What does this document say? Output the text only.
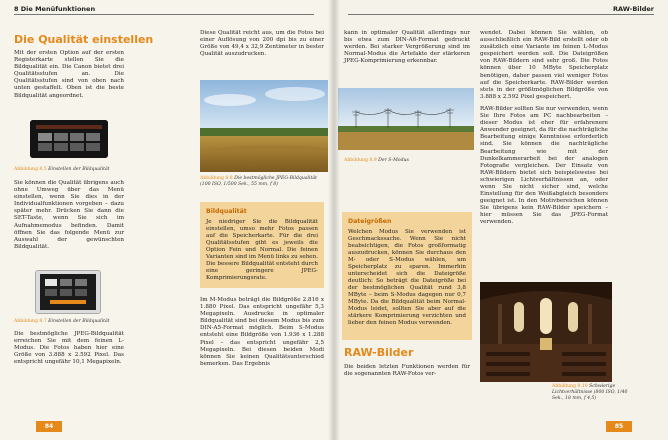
8 Die Menüfunktionen
Die Qualität einstellen

Mit der ersten Option auf der ersten Registerkarte stellen Sie die Bildqualität ein. Die Canon bietet drei Qualitätsstufen an. Die Qualitätsstufen sind von oben nach unten gestaffelt. Oben ist die beste Bildqualität angeordnet.

Abbildung 8.5 Einstellen der Bildqualität

Sie können die Qualität übrigens auch ohne Umweg über das Menü einstellen, wenn Sie dies in der Individualfunktionen vorgeben – dazu später mehr. Drücken Sie dann die SET-Taste, wenn Sie sich im Aufnahmemodus befinden. Damit öffnen Sie das folgende Menü zur Auswahl der gewünschten Bildqualität.

Abbildung 8.7 Einstellen der Bildqualität

Die bestmögliche JPEG-Bildqualität erreichen Sie mit dem feinen L-Modus. Die Fotos haben hier eine Größe von 3.888 x 2.592 Pixel. Das entspricht ungefähr 10,1 Megapixeln.

Diese Qualität reicht aus, um die Fotos bei einer Auflösung von 200 dpi bis zu einer Größe von 49,4 x 32,9 Zentimeter in bester Qualität auszudrucken.

Abbildung 8.8 Die bestmögliche JPEG-Bildqualität (100 ISO, 1/500 Sek., 55 mm, f 8)
Bildqualität
Je niedriger Sie die Bildqualität einstellen, umso mehr Fotos passen auf die Speicherkarte. Für die drei Qualitätsstufen gibt es jeweils die Option Fein und Normal. Die feinen Varianten sind im Menü links zu sehen. Die bessere Bildqualität entsteht durch eine geringere JPEG-Komprimierungsrate.

Im M-Modus beträgt die Bildgröße 2.816 x 1.880 Pixel. Das entspricht ungefähr 5,3 Megapixeln. Ausdrucke in optimaler Bildqualität sind bei diesem Modus bis zum DIN-A5-Format möglich. Beim S-Modus entsteht eine Bildgröße von 1.936 x 1.288 Pixel – das entspricht ungefähr 2,5 Megapixeln. Bei diesen beiden Modi können Sie keinen Qualitätsunterschied bemerken. Das Ergebnis

84
RAW-Bilder

kann in optimaler Qualität allerdings nur bis etwa zum DIN-A6-Format gedruckt werden. Bei starker Vergrößerung sind im Normal-Modus die Artefakte der stärkeren JPEG-Komprimierung erkennbar.

Abbildung 8.9 Der S-Modus
Dateigrößen
Welchen Modus Sie verwenden ist Geschmackssache. Wenn Sie nicht beabsichtigen, die Fotos großformatig auszudrucken, können Sie durchaus den M- oder S-Modus wählen, um Speicherplatz zu sparen. Immerhin unterscheidet sich die Dateigröße deutlich: So beträgt die Dateigröße bei der bestmöglichen Qualität rund 3,8 MByte – beim S-Modus dagegen nur 0,7 MByte. Da die Bildqualität beim Normal-Modus leidet, sollten Sie aber auf die stärkere Komprimierung verzichten und lieber den feinen Modus verwenden.
RAW-Bilder

Die beiden letzten Funktionen werden für die sogenannten RAW-Fotos ver-

wendet. Dabei können Sie wählen, ob ausschließlich ein RAW-Bild erstellt oder ob zusätzlich eine Variante im feinen L-Modus gespeichert werden soll. Die Dateigrößen von RAW-Bildern sind sehr groß. Die Fotos können über 10 MByte Speicherplatz benötigen, daher passen viel weniger Fotos auf die Speicherkarte. RAW-Bilder werden stets in der größtmöglichen Bildgröße von 3.888 x 2.592 Pixel gespeichert.

RAW-Bilder sollten Sie nur verwenden, wenn Sie Ihre Fotos am PC nachbearbeiten – dieser Modus ist eher für erfahrenere Anwender geeignet, da für die nachträgliche Bearbeitung einige Kenntnisse erforderlich sind. Sie können die nachträgliche Bearbeitung wie mit der Dunkelkammerarbeit bei der analogen Fotografie vergleichen. Der Einsatz von RAW-Bildern bietet sich beispielsweise bei schwierigen Lichtverhältnissen an, oder wenn Sie nicht sicher sind, welche Einstellung für den Weißabgleich besonders geeignet ist. In den Motivbereichen können Sie übrigens kein RAW-Bilder speichern – hier müssen Sie das JPEG-Format verwenden.

Abbildung 8.10 Schwierige Lichtverhältnisse (800 ISO, 1/40 Sek., 18 mm, f 4,5)
85
